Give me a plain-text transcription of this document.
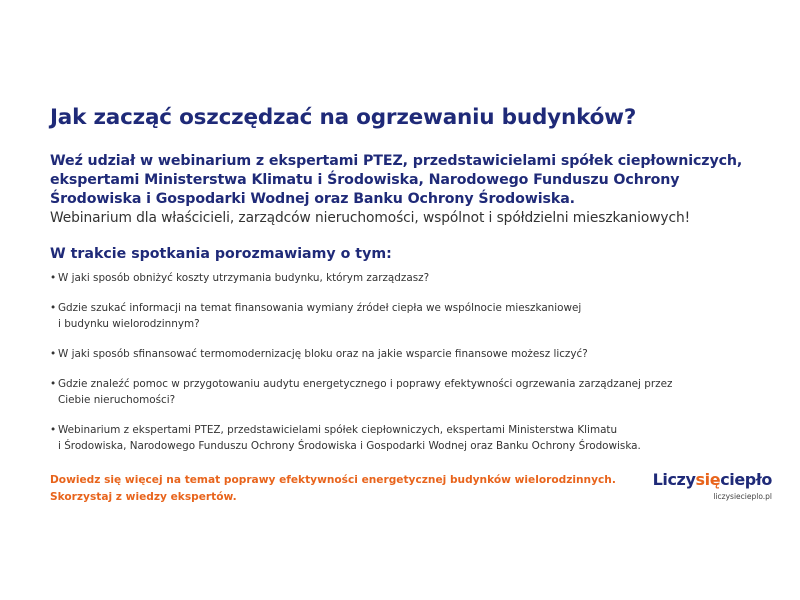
Jak zacząć oszczędzać na ogrzewaniu budynków?
Weź udział w webinarium z ekspertami PTEZ, przedstawicielami spółek ciepłowniczych,
ekspertami Ministerstwa Klimatu i Środowiska, Narodowego Funduszu Ochrony
Środowiska i Gospodarki Wodnej oraz Banku Ochrony Środowiska.
Webinarium dla właścicieli, zarządców nieruchomości, wspólnot i spółdzielni mieszkaniowych!
W trakcie spotkania porozmawiamy o tym:
• W jaki sposób obniżyć koszty utrzymania budynku, którym zarządzasz?
• Gdzie szukać informacji na temat finansowania wymiany źródeł ciepła we wspólnocie mieszkaniowej
i budynku wielorodzinnym?
• W jaki sposób sfinansować termomodernizację bloku oraz na jakie wsparcie finansowe możesz liczyć?
• Gdzie znaleźć pomoc w przygotowaniu audytu energetycznego i poprawy efektywności ogrzewania zarządzanej przez
Ciebie nieruchomości?
• Webinarium z ekspertami PTEZ, przedstawicielami spółek ciepłowniczych, ekspertami Ministerstwa Klimatu
i Środowiska, Narodowego Funduszu Ochrony Środowiska i Gospodarki Wodnej oraz Banku Ochrony Środowiska.
Dowiedz się więcej na temat poprawy efektywności energetycznej budynków wielorodzinnych.
Skorzystaj z wiedzy ekspertów.
Liczysięciepło
liczysiecieplo.pl
